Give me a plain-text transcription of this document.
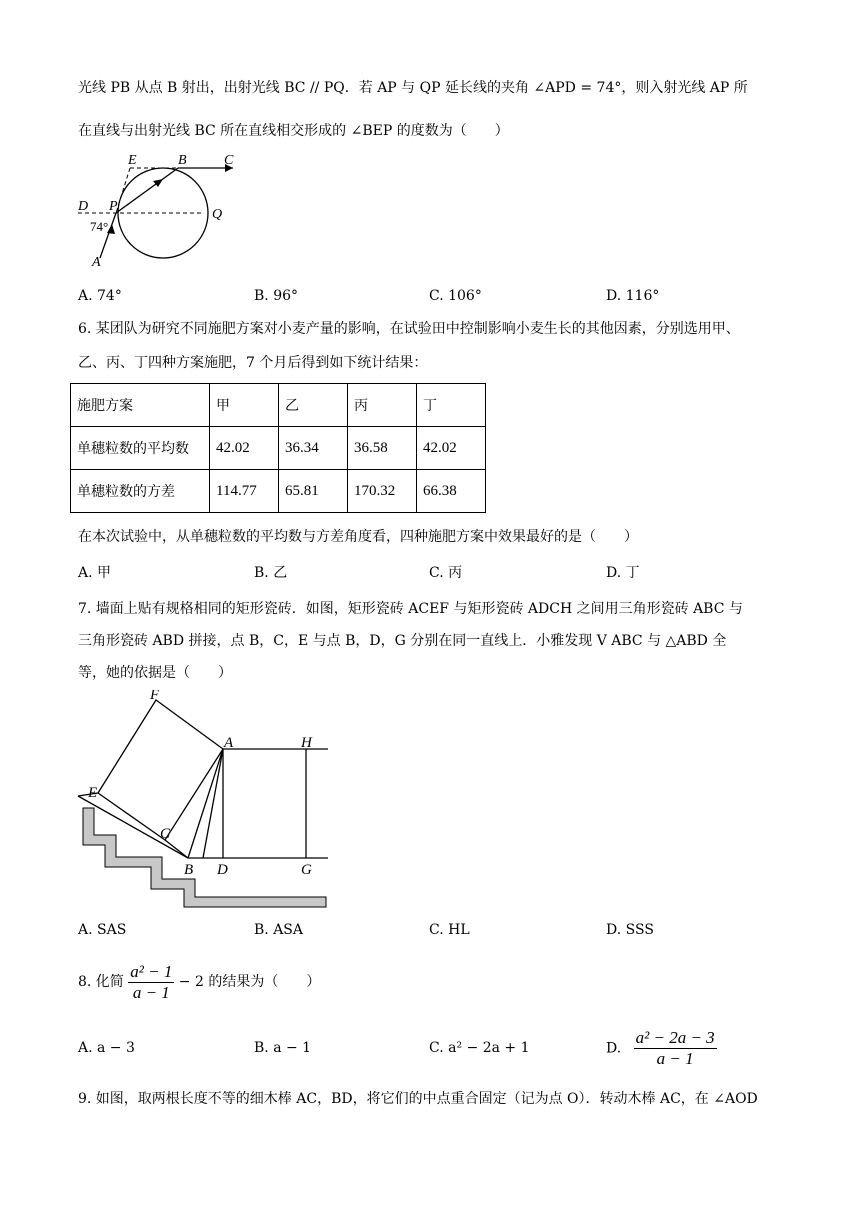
光线 PB 从点 B 射出，出射光线 BC // PQ．若 AP 与 QP 延长线的夹角 ∠APD = 74°，则入射光线 AP 所
在直线与出射光线 BC 所在直线相交形成的 ∠BEP 的度数为（　　）
E	B	C
D P
Q
74°
A
A. 74°	B. 96°	C. 106°	D. 116°
6. 某团队为研究不同施肥方案对小麦产量的影响，在试验田中控制影响小麦生长的其他因素，分别选用甲、
乙、丙、丁四种方案施肥，7 个月后得到如下统计结果：
施肥方案	甲	乙	丙	丁
单穗粒数的平均数	42.02	36.34	36.58	42.02
单穗粒数的方差	114.77	65.81	170.32	66.38
在本次试验中，从单穗粒数的平均数与方差角度看，四种施肥方案中效果最好的是（　　）
A. 甲	B. 乙	C. 丙	D. 丁
7. 墙面上贴有规格相同的矩形瓷砖．如图，矩形瓷砖 ACEF 与矩形瓷砖 ADCH 之间用三角形瓷砖 ABC 与
三角形瓷砖 ABD 拼接，点 B，C，E 与点 B，D，G 分别在同一直线上．小雅发现 V ABC 与 △ABD 全
等，她的依据是（　　）
F
A	H
E
C
B D	G
A. SAS	B. ASA	C. HL	D. SSS
8. 化简 $\frac{\text{a² − 1}}{a - 1} - 2$ 的结果为（　　）
A. a − 3	B. a − 1	C. a² − 2a + 1	D. $\frac{\text{a² − 2a − 3}}{a - 1}$
9. 如图，取两根长度不等的细木棒 AC，BD，将它们的中点重合固定（记为点 O）．转动木棒 AC，在 ∠AOD
